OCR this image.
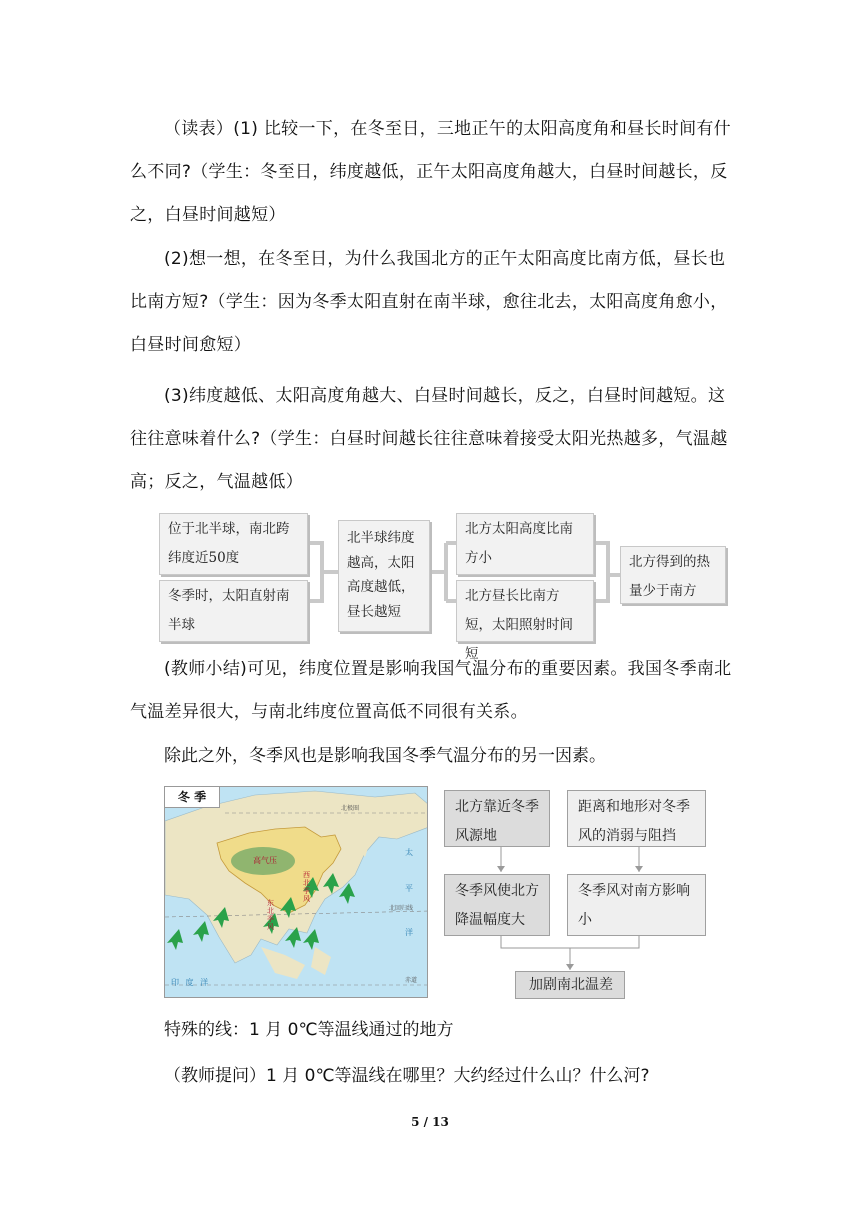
（读表）(1) 比较一下，在冬至日，三地正午的太阳高度角和昼长时间有什么不同?（学生：冬至日，纬度越低，正午太阳高度角越大，白昼时间越长，反之，白昼时间越短）

(2)想一想，在冬至日，为什么我国北方的正午太阳高度比南方低，昼长也比南方短?（学生：因为冬季太阳直射在南半球，愈往北去，太阳高度角愈小，白昼时间愈短）

(3)纬度越低、太阳高度角越大、白昼时间越长，反之，白昼时间越短。这往往意味着什么?（学生：白昼时间越长往往意味着接受太阳光热越多，气温越高；反之，气温越低）

位于北半球，南北跨纬度近50度
冬季时，太阳直射南半球
北半球纬度越高，太阳高度越低，昼长越短
北方太阳高度比南方小
北方昼长比南方短，太阳照射时间短
北方得到的热量少于南方

(教师小结)可见，纬度位置是影响我国气温分布的重要因素。我国冬季南北气温差异很大，与南北纬度位置高低不同很有关系。

除此之外，冬季风也是影响我国冬季气温分布的另一因素。

冬 季
北极圈
北回归线
赤道
高气压
西北季风
东北季风
太
平
洋
印 度 洋
北方靠近冬季风源地
距离和地形对冬季风的消弱与阻挡
冬季风使北方降温幅度大
冬季风对南方影响小
加剧南北温差

特殊的线：1 月 0℃等温线通过的地方

（教师提问）1 月 0℃等温线在哪里？大约经过什么山？什么河?

5 / 13
